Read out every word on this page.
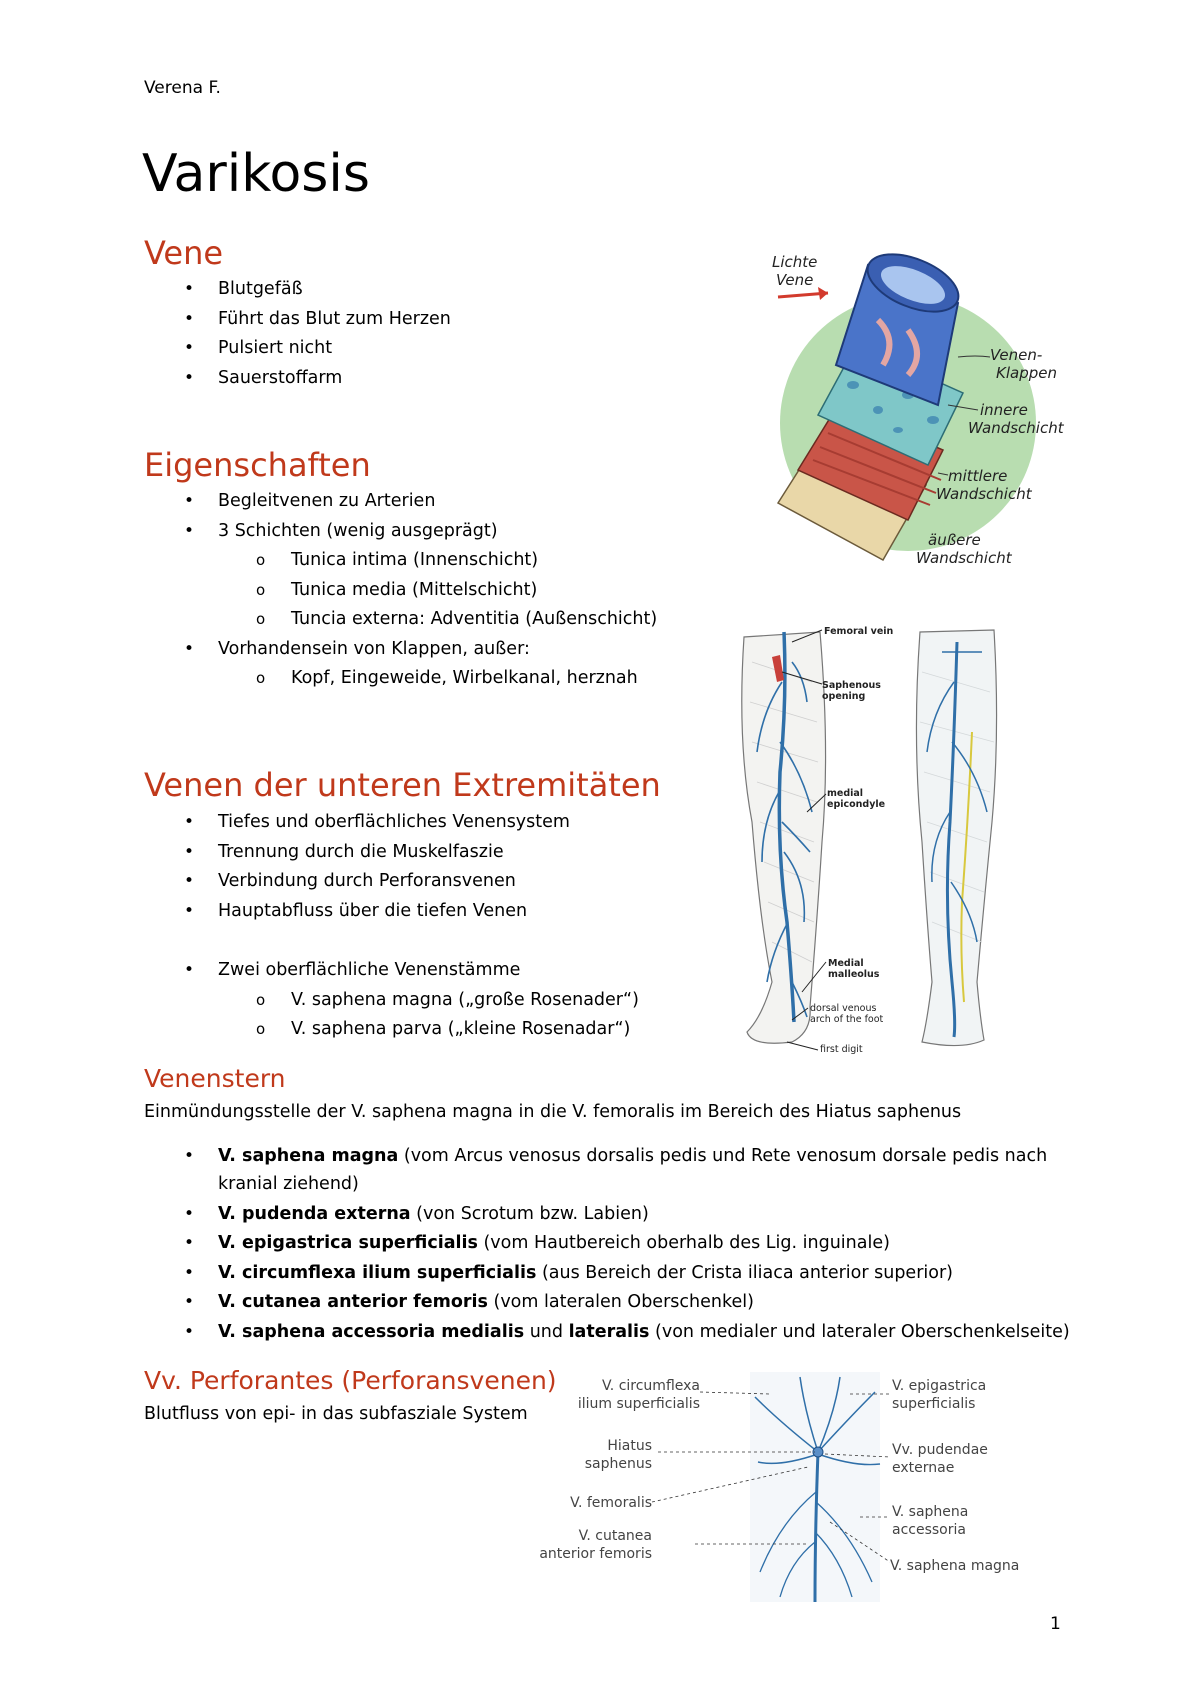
Verena F.
Varikosis
Vene
• Blutgefäß
• Führt das Blut zum Herzen
• Pulsiert nicht
• Sauerstoffarm
Eigenschaften
• Begleitvenen zu Arterien
• 3 Schichten (wenig ausgeprägt)
o Tunica intima (Innenschicht)
o Tunica media (Mittelschicht)
o Tuncia externa: Adventitia (Außenschicht)
• Vorhandensein von Klappen, außer:
o Kopf, Eingeweide, Wirbelkanal, herznah
Venen der unteren Extremitäten
• Tiefes und oberflächliches Venensystem
• Trennung durch die Muskelfaszie
• Verbindung durch Perforansvenen
• Hauptabfluss über die tiefen Venen
• Zwei oberflächliche Venenstämme
o V. saphena magna („große Rosenader“)
o V. saphena parva („kleine Rosenadar“)
Venenstern

Einmündungsstelle der V. saphena magna in die V. femoralis im Bereich des Hiatus saphenus

• V. saphena magna (vom Arcus venosus dorsalis pedis und Rete venosum dorsale pedis nach kranial ziehend)
• V. pudenda externa (von Scrotum bzw. Labien)
• V. epigastrica superficialis (vom Hautbereich oberhalb des Lig. inguinale)
• V. circumflexa ilium superficialis (aus Bereich der Crista iliaca anterior superior)
• V. cutanea anterior femoris (vom lateralen Oberschenkel)
• V. saphena accessoria medialis und lateralis (von medialer und lateraler Oberschenkelseite)
Vv. Perforantes (Perforansvenen)

Blutfluss von epi- in das subfasziale System

Lichte
Vene
Venen-
Klappen
innere
Wandschicht
mittlere
Wandschicht
äußere
Wandschicht
Femoral vein
Saphenous
opening
medial
epicondyle
Medial
malleolus
dorsal venous
arch of the foot
first digit
V. circumflexa
ilium superficialis
Hiatus
saphenus
V. femoralis
V. cutanea
anterior femoris
V. epigastrica
superficialis
Vv. pudendae
externae
V. saphena
accessoria
V. saphena magna
1
